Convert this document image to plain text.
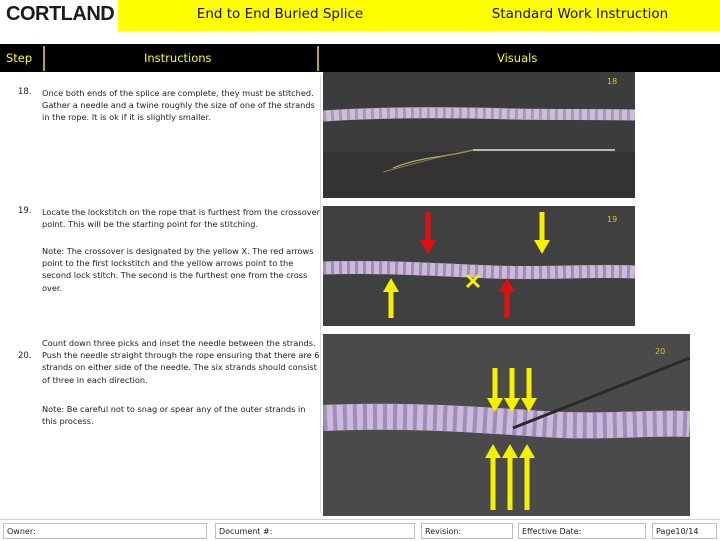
CORTLAND	End to End Buried Splice	Standard Work Instruction
Step	Instructions	Visuals
18. Once both ends of the splice are complete, they must be stitched. Gather a needle and a twine roughly the size of one of the strands in the rope. It is ok if it is slightly smaller.
19. Locate the lockstitch on the rope that is furthest from the crossover point. This will be the starting point for the stitching.
Note: The crossover is designated by the yellow X. The red arrows point to the first lockstitch and the yellow arrows point to the second lock stitch. The second is the furthest one from the cross over.
20.
Count down three picks and inset the needle between the strands. Push the needle straight through the rope ensuring that there are 6 strands on either side of the needle. The six strands should consist of three in each direction.
Note: Be careful not to snag or spear any of the outer strands in this process.
18
19
20
Owner:	Document #:	Revision:	Effective Date:	Page10/14
